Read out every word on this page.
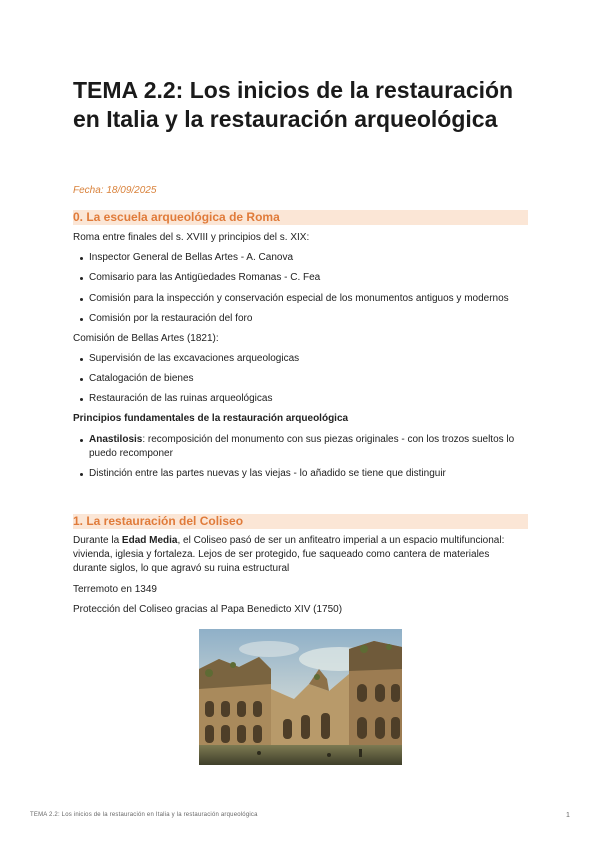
TEMA 2.2: Los inicios de la restauración en Italia y la restauración arqueológica
Fecha: 18/09/2025
0. La escuela arqueológica de Roma
Roma entre finales del s. XVIII y principios del s. XIX:
Inspector General de Bellas Artes - A. Canova
Comisario para las Antigüedades Romanas - C. Fea
Comisión para la inspección y conservación especial de los monumentos antiguos y modernos
Comisión por la restauración del foro
Comisión de Bellas Artes (1821):
Supervisión de las excavaciones arqueologicas
Catalogación de bienes
Restauración de las ruinas arqueológicas
Principios fundamentales de la restauración arqueológica
Anastilosis: recomposición del monumento con sus piezas originales - con los trozos sueltos lo
puedo recomponer
Distinción entre las partes nuevas y las viejas - lo añadido se tiene que distinguir
1. La restauración del Coliseo
Durante la Edad Media, el Coliseo pasó de ser un anfiteatro imperial a un espacio multifuncional:
vivienda, iglesia y fortaleza. Lejos de ser protegido, fue saqueado como cantera de materiales
durante siglos, lo que agravó su ruina estructural
Terremoto en 1349
Protección del Coliseo gracias al Papa Benedicto XIV (1750)
TEMA 2.2: Los inicios de la restauración en Italia y la restauración arqueológica	1
